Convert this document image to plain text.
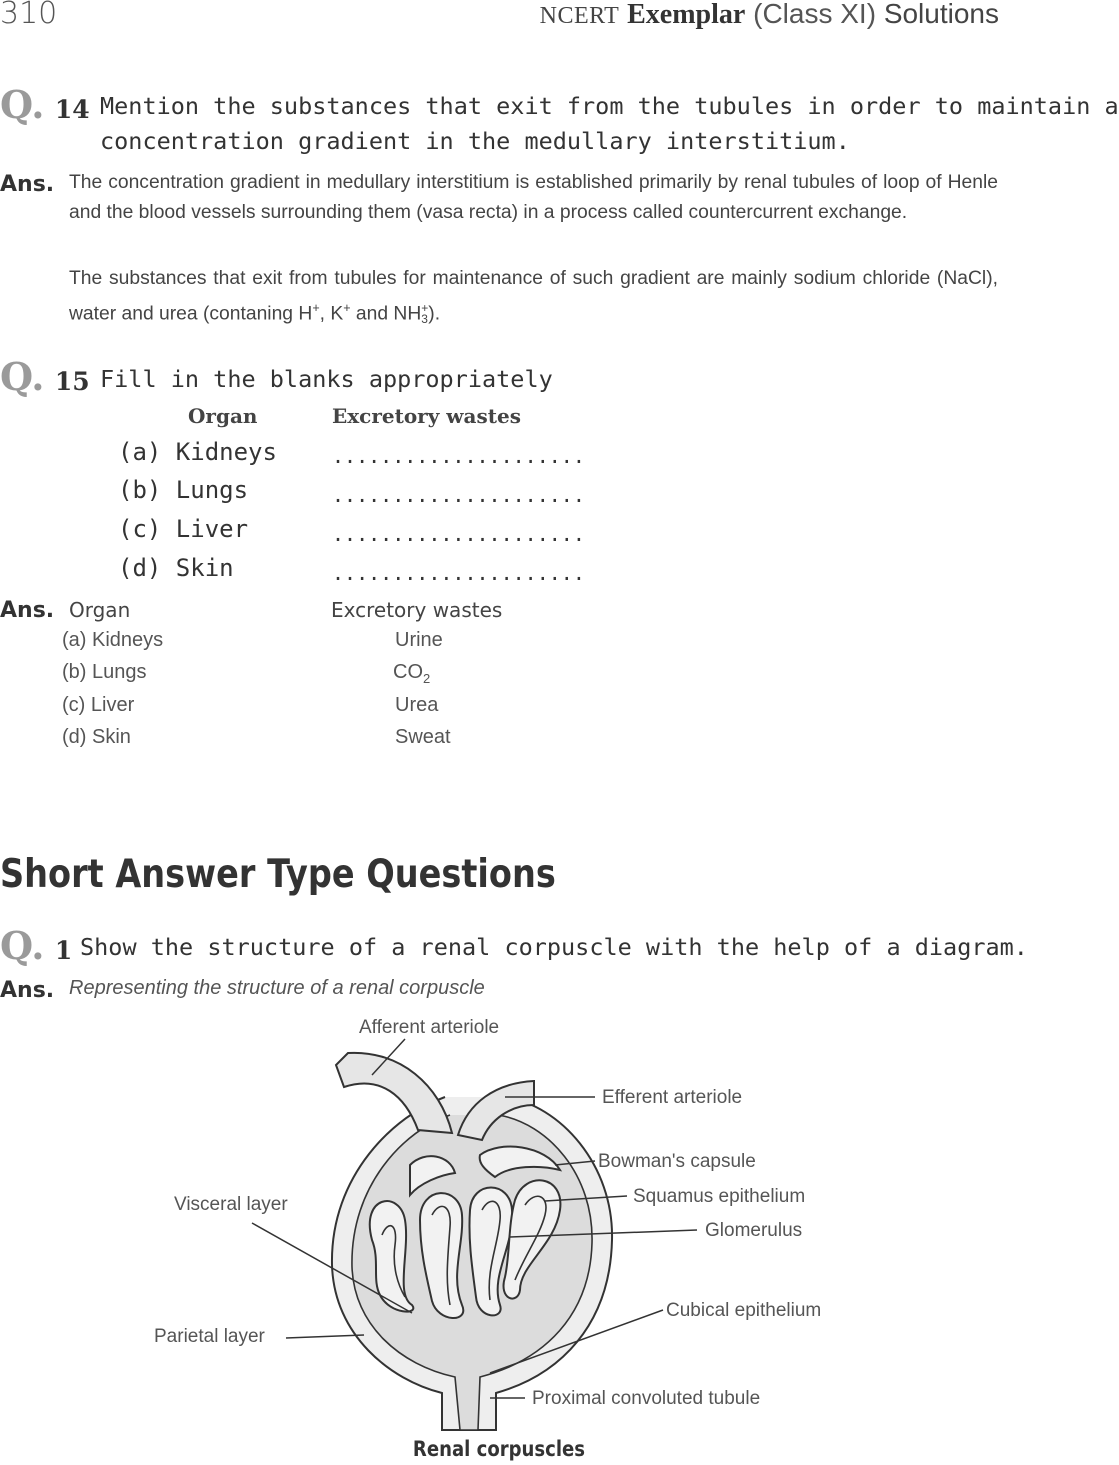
310	NCERT Exemplar (Class XI) Solutions
Q. 14 Mention the substances that exit from the tubules in order to maintain a
concentration gradient in the medullary interstitium.
Ans. The concentration gradient in medullary interstitium is established primarily by renal tubules of loop of Henle and the blood vessels surrounding them (vasa recta) in a process called countercurrent exchange.
The substances that exit from tubules for maintenance of such gradient are mainly sodium chloride (NaCl), water and urea (contaning H+, K+ and NH +
3 ).
Q. 15 Fill in the blanks appropriately
Organ	Excretory wastes
(a) Kidneys	.....................
(b) Lungs	.....................
(c) Liver	.....................
(d) Skin	.....................
Ans. Organ	Excretory wastes
(a) Kidneys	Urine
(b) Lungs	$CO_2$
(c) Liver	Urea
(d) Skin	Sweat
Short Answer Type Questions
Q. 1 Show the structure of a renal corpuscle with the help of a diagram.
Ans. Representing the structure of a renal corpuscle
Afferent arteriole
Efferent arteriole
Bowman's capsule
Squamus epithelium
Glomerulus
Visceral layer
Cubical epithelium
Parietal layer
Proximal convoluted tubule
Renal corpuscles
